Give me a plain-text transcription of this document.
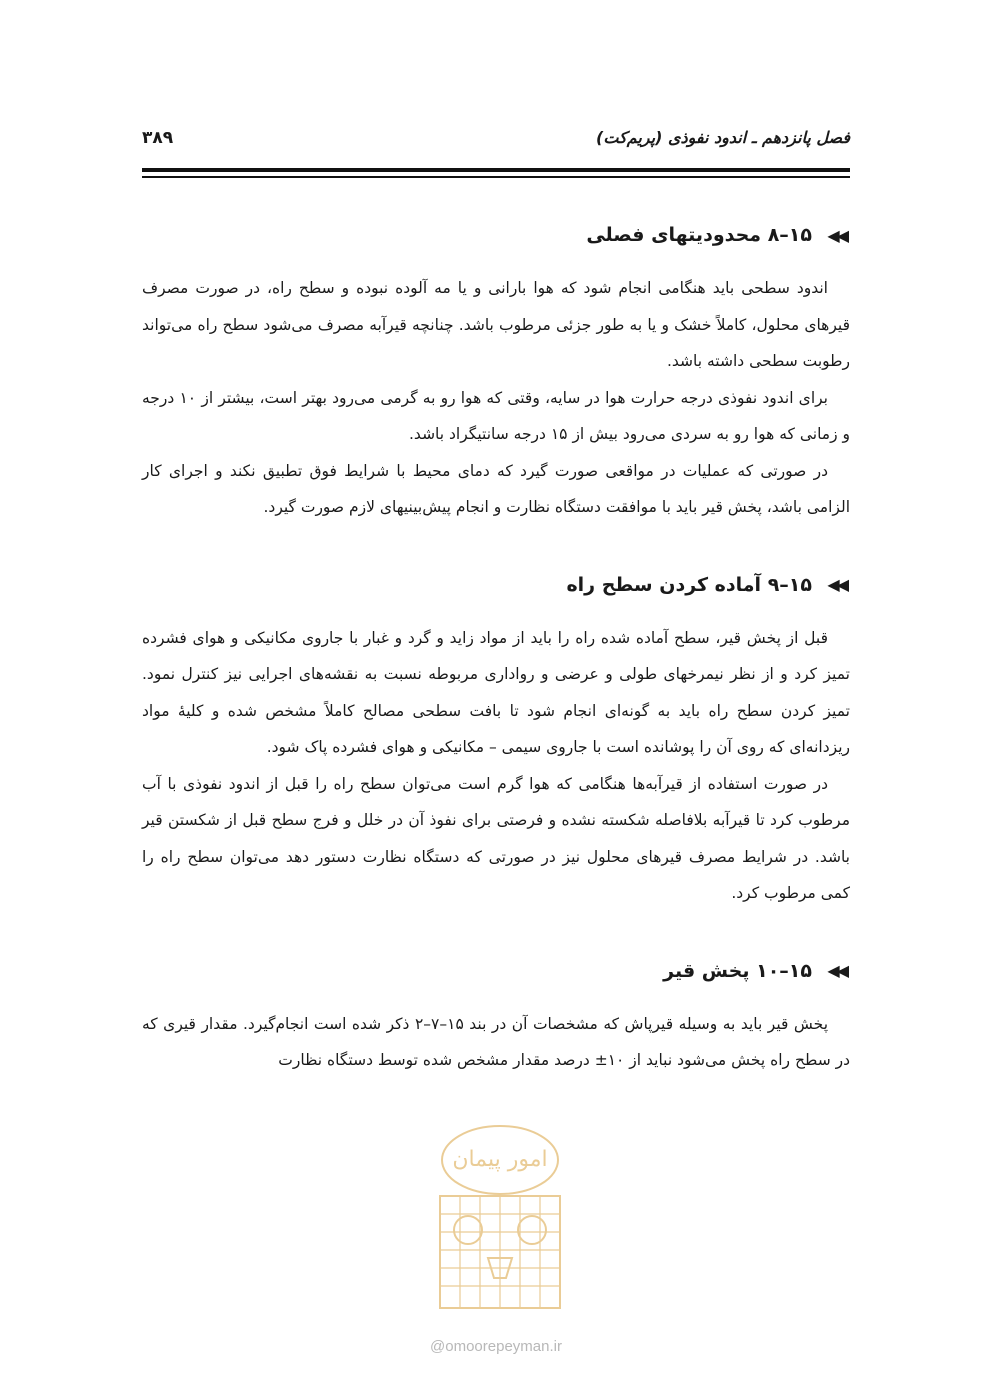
فصل پانزدهم ـ اندود نفوذی (پریم‌کت)
۳۸۹
◀◀
۱۵–۸ محدودیتهای فصلی

اندود سطحی باید هنگامی انجام شود که هوا بارانی و یا مه آلوده نبوده و سطح راه، در صورت مصرف قیرهای محلول، کاملاً خشک و یا به طور جزئی مرطوب باشد. چنانچه قیرآبه مصرف می‌شود سطح راه می‌تواند رطوبت سطحی داشته باشد.

برای اندود نفوذی درجه حرارت هوا در سایه، وقتی که هوا رو به گرمی می‌رود بهتر است، بیشتر از ۱۰ درجه و زمانی که هوا رو به سردی می‌رود بیش از ۱۵ درجه سانتیگراد باشد.

در صورتی که عملیات در مواقعی صورت گیرد که دمای محیط با شرایط فوق تطبیق نکند و اجرای کار الزامی باشد، پخش قیر باید با موافقت دستگاه نظارت و انجام پیش‌بینیهای لازم صورت گیرد.

◀◀
۱۵–۹ آماده کردن سطح راه

قبل از پخش قیر، سطح آماده شده راه را باید از مواد زاید و گرد و غبار با جاروی مکانیکی و هوای فشرده تمیز کرد و از نظر نیمرخهای طولی و عرضی و رواداری مربوطه نسبت به نقشه‌های اجرایی نیز کنترل نمود. تمیز کردن سطح راه باید به گونه‌ای انجام شود تا بافت سطحی مصالح کاملاً مشخص شده و کلیهٔ مواد ریزدانه‌ای که روی آن را پوشانده است با جاروی سیمی – مکانیکی و هوای فشرده پاک شود.

در صورت استفاده از قیرآبه‌ها هنگامی که هوا گرم است می‌توان سطح راه را قبل از اندود نفوذی با آب مرطوب کرد تا قیرآبه بلافاصله شکسته نشده و فرصتی برای نفوذ آن در خلل و فرج سطح قبل از شکستن قیر باشد. در شرایط مصرف قیرهای محلول نیز در صورتی که دستگاه نظارت دستور دهد می‌توان سطح راه را کمی مرطوب کرد.

◀◀
۱۵–۱۰ پخش قیر

پخش قیر باید به وسیله قیرپاش که مشخصات آن در بند ۱۵–۷–۲ ذکر شده است انجام‌گیرد. مقدار قیری که در سطح راه پخش می‌شود نباید از ۱۰± درصد مقدار مشخص شده توسط دستگاه نظارت

امور پیمان
@omoorepeyman.ir
